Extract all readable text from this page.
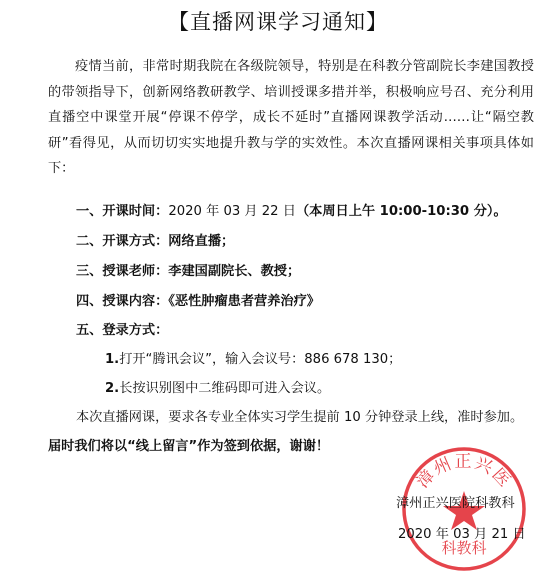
【直播网课学习通知】
疫情当前，非常时期我院在各级院领导，特别是在科教分管副院长李建国教授的带领指导下，创新网络教研教学、培训授课多措并举，积极响应号召、充分利用直播空中课堂开展“停课不停学，成长不延时”直播网课教学活动……让“隔空教研”看得见，从而切切实实地提升教与学的实效性。本次直播网课相关事项具体如下：
一、开课时间：2020 年 03 月 22 日（本周日上午 10:00-10:30 分）。
二、开课方式：网络直播；
三、授课老师：李建国副院长、教授；
四、授课内容：《恶性肿瘤患者营养治疗》
五、登录方式：
1.打开“腾讯会议”，输入会议号：886 678 130；
2.长按识别图中二维码即可进入会议。
本次直播网课，要求各专业全体实习学生提前 10 分钟登录上线，准时参加。
届时我们将以“线上留言”作为签到依据，谢谢！
漳州正兴医
科教科
漳州正兴医院科教科
2020 年 03 月 21 日
